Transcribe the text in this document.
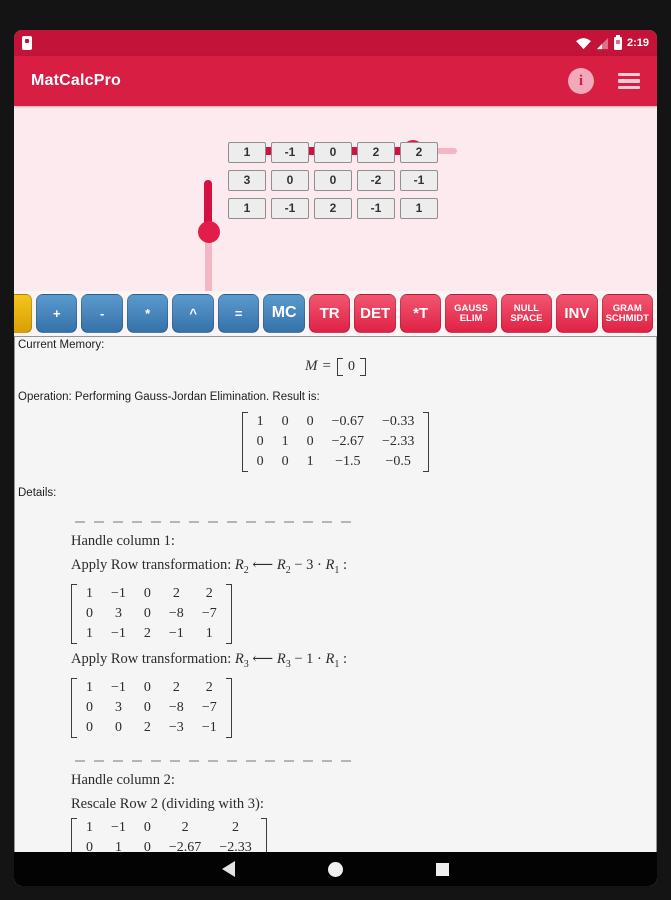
2:19
MatCalcPro	i
1	-1	0	2	2
3	0	0	-2	-1
1	-1	2	-1	1
+	-	*	^	=	MC	TR	DET	*T	GAUSS
ELIM
NULL
SPACE	INV	GRAM
SCHMIDT
Current Memory:
M = 0
Operation: Performing Gauss-Jordan Elimination. Result is:
1	0	0	−0.67	−0.33
0	1	0	−2.67	−2.33
0	0	1	−1.5	−0.5
Details:
Handle column 1:
Apply Row transformation: $R_2$ ⟵ $R_2 - 3 \cdot R_1$ :
1	−1	0	2	2
0	3	0	−8	−7
1	−1	2	−1	1
Apply Row transformation: $R_3$ ⟵ $R_3 - 1 \cdot R_1$ :
1	−1	0	2	2
0	3	0	−8	−7
0	0	2	−3	−1
Handle column 2:
Rescale Row 2 (dividing with 3):
1	−1	0	2	2
0	1	0	−2.67	−2.33
